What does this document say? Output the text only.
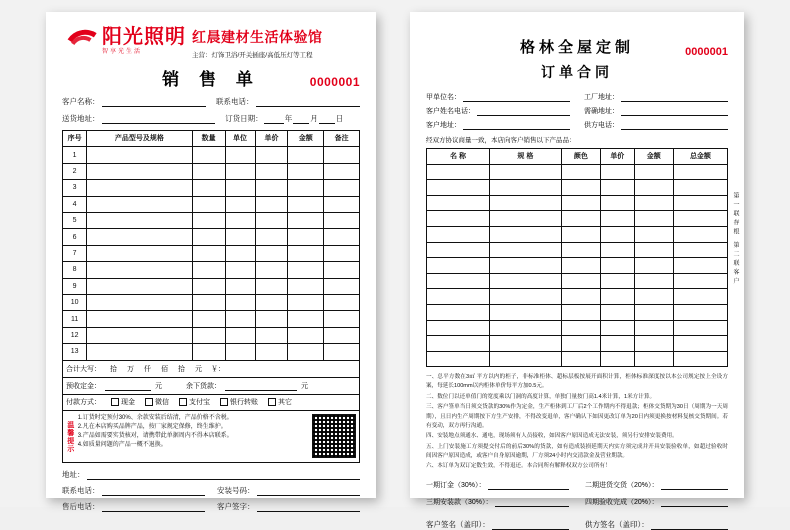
阳光照明
智享光生活
红晨建材生活体验馆
主营：灯饰卫浴/开关插座/高低压灯等工程
销 售 单	0000001
客户名称：	联系电话：
送货地址：	订货日期：	年 月 日
序号	产品型号及规格	数量	单位	单价	金额	备注
1						
2						
3						
4						
5						
6						
7						
8						
9						
10						
11						
12						
13						
合计大写：	拾	万	仟	佰	拾	元	￥：
预收定金：	元	余下货款：	元
付款方式：	现金	微信	支付宝	银行转账	其它
温馨提示
1.订货时定预付30%、余款安装后结清，产品价格不含税。
2.凡在本店购买品牌产品，按厂家规定保修，终生维护。
3.产品如需要实货核对，请携带此单据周内不得本店联系。
4.如质量问题的产品一概不退换。
地址：
联系电话：	安装号码：
售后电话：	客户签字：
格林全屋定制
订单合同
0000001
甲单位名：	工厂地址：
客户姓名电话：	需确地址：
客户地址：	供方电话：
经双方协议商量一致，本店向客户销售以下产品品：
名 称	规 格	颜色	单价	金额	总金额

一、总平方数在3㎡ 平方以内的柜子，非标准柜体、超标层板按展开面积计算，柜体标准深度按以本公司规定按上全设方案，每延长100mm以内柜体单价每平方加0.5元。

二、数位门以还单值门的宽度乘以门洞的高度计算，单独门量按门高1.4米计算，1米方计算。

三、客户签单当日须交货款的30%作为定金，生产柜体到工厂后2个工作期内不得退款；柜体交货期为30日（周期为一天周期），且日内生产周期按下方生产安排，不得改变退单，客户确认下如因更改订单为20日内须更换按材料复核交货期间。若有变动，双方再行沟通。

四、安装地点须通水、通电，现场须有人员接收，如因客户原因造成无法安装，须另行安排安装费用。

五、上门安装施工方须提交付后的前后30%的货款，如有造成装损延期天内实方须完成并开具安装验收单，如超过验收时间因客户原因造成，或客户自身原因逾期，厂方须24小时内交清款金及营业期款。

六、本订单为双订定数生效，不得退还。本合同所有解释权双方公司所有！

一期订金（30%）：	二期进货交货（20%）：
三期安装款（30%）：	四期验收完成（20%）：
客户签名（盖印）：	供方签名（盖印）：
第一联存根 第二联客户
